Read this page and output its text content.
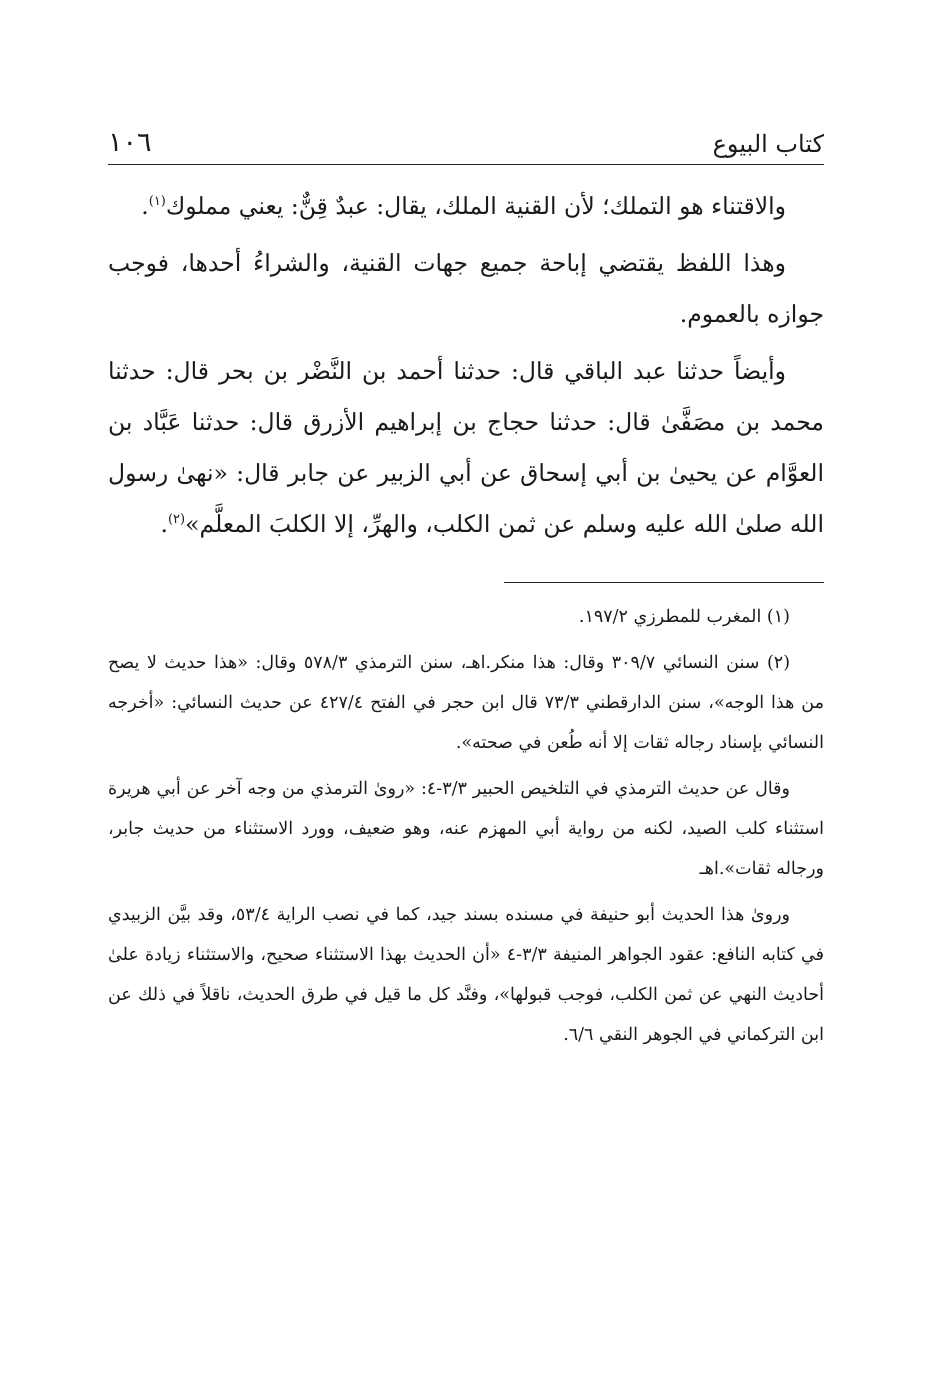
كتاب البيوع
١٠٦

والاقتناء هو التملك؛ لأن القنية الملك، يقال: عبدٌ قِنٌّ: يعني مملوك$^{(١)}$.

وهذا اللفظ يقتضي إباحة جميع جهات القنية، والشراءُ أحدها، فوجب جوازه بالعموم.

وأيضاً حدثنا عبد الباقي قال: حدثنا أحمد بن النَّضْر بن بحر قال: حدثنا محمد بن مصَفَّىٰ قال: حدثنا حجاج بن إبراهيم الأزرق قال: حدثنا عَبَّاد بن العوَّام عن يحيىٰ بن أبي إسحاق عن أبي الزبير عن جابر قال: «نهىٰ رسول الله صلىٰ الله عليه وسلم عن ثمن الكلب، والهرِّ، إلا الكلبَ المعلَّم»$^{(٢)}$.

(١) المغرب للمطرزي ١٩٧/٢.

(٢) سنن النسائي ٣٠٩/٧ وقال: هذا منكر.اهـ، سنن الترمذي ٥٧٨/٣ وقال: «هذا حديث لا يصح من هذا الوجه»، سنن الدارقطني ٧٣/٣ قال ابن حجر في الفتح ٤٢٧/٤ عن حديث النسائي: «أخرجه النسائي بإسناد رجاله ثقات إلا أنه طُعن في صحته».

وقال عن حديث الترمذي في التلخيص الحبير ٣/٣-٤: «روىٰ الترمذي من وجه آخر عن أبي هريرة استثناء كلب الصيد، لكنه من رواية أبي المهزم عنه، وهو ضعيف، وورد الاستثناء من حديث جابر، ورجاله ثقات».اهـ

وروىٰ هذا الحديث أبو حنيفة في مسنده بسند جيد، كما في نصب الراية ٥٣/٤، وقد بيَّن الزبيدي في كتابه النافع: عقود الجواهر المنيفة ٣/٣-٤ «أن الحديث بهذا الاستثناء صحيح، والاستثناء زيادة علىٰ أحاديث النهي عن ثمن الكلب، فوجب قبولها»، وفنَّد كل ما قيل في طرق الحديث، ناقلاً في ذلك عن ابن التركماني في الجوهر النقي ٦/٦.
